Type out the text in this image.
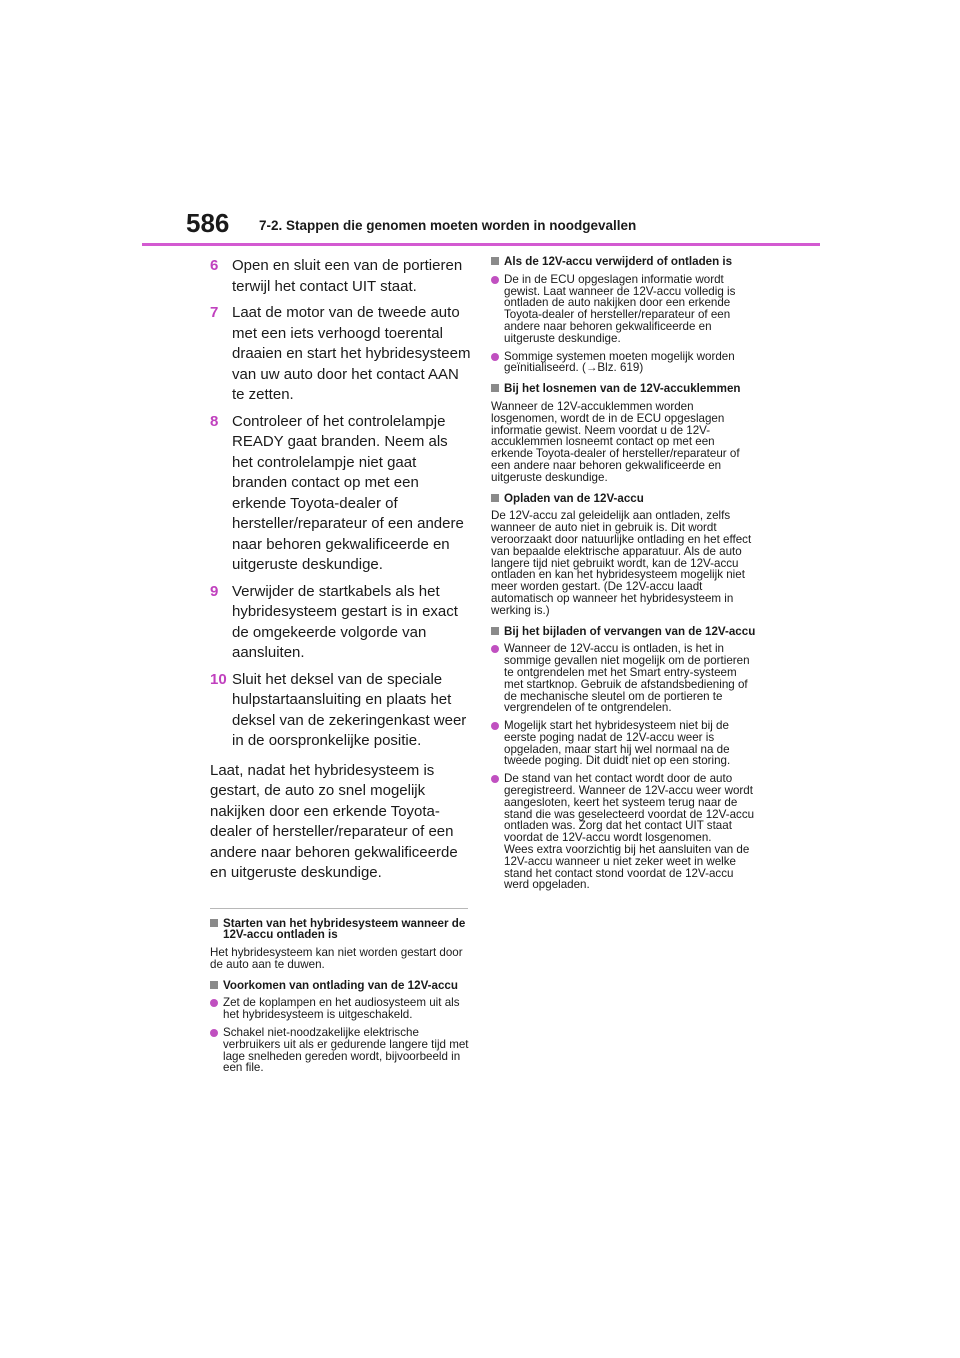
586 7-2. Stappen die genomen moeten worden in noodgevallen
6 Open en sluit een van de portieren terwijl het contact UIT staat.
7 Laat de motor van de tweede auto met een iets verhoogd toerental draaien en start het hybridesysteem van uw auto door het contact AAN te zetten.
8 Controleer of het controlelampje READY gaat branden. Neem als het controlelampje niet gaat branden contact op met een erkende Toyota-dealer of hersteller/reparateur of een andere naar behoren gekwalificeerde en uitgeruste deskundige.
9 Verwijder de startkabels als het hybridesysteem gestart is in exact de omgekeerde volgorde van aansluiten.
10 Sluit het deksel van de speciale hulpstartaansluiting en plaats het deksel van de zekeringenkast weer in de oorspronkelijke positie.
Laat, nadat het hybridesysteem is gestart, de auto zo snel mogelijk nakijken door een erkende Toyota-dealer of hersteller/reparateur of een andere naar behoren gekwalificeerde en uitgeruste deskundige.
Starten van het hybridesysteem wanneer de 12V-accu ontladen is
Het hybridesysteem kan niet worden gestart door de auto aan te duwen.
Voorkomen van ontlading van de 12V-accu
Zet de koplampen en het audiosysteem uit als het hybridesysteem is uitgeschakeld.
Schakel niet-noodzakelijke elektrische verbruikers uit als er gedurende langere tijd met lage snelheden gereden wordt, bijvoorbeeld in een file.
Als de 12V-accu verwijderd of ontladen is
De in de ECU opgeslagen informatie wordt gewist. Laat wanneer de 12V-accu volledig is ontladen de auto nakijken door een erkende Toyota-dealer of hersteller/reparateur of een andere naar behoren gekwalificeerde en uitgeruste deskundige.
Sommige systemen moeten mogelijk worden geïnitialiseerd. (→Blz. 619)
Bij het losnemen van de 12V-accuklemmen
Wanneer de 12V-accuklemmen worden losgenomen, wordt de in de ECU opgeslagen informatie gewist. Neem voordat u de 12V-accuklemmen losneemt contact op met een erkende Toyota-dealer of hersteller/reparateur of een andere naar behoren gekwalificeerde en uitgeruste deskundige.
Opladen van de 12V-accu
De 12V-accu zal geleidelijk aan ontladen, zelfs wanneer de auto niet in gebruik is. Dit wordt veroorzaakt door natuurlijke ontlading en het effect van bepaalde elektrische apparatuur. Als de auto langere tijd niet gebruikt wordt, kan de 12V-accu ontladen en kan het hybridesysteem mogelijk niet meer worden gestart. (De 12V-accu laadt automatisch op wanneer het hybridesysteem in werking is.)
Bij het bijladen of vervangen van de 12V-accu
Wanneer de 12V-accu is ontladen, is het in sommige gevallen niet mogelijk om de portieren te ontgrendelen met het Smart entry-systeem met startknop. Gebruik de afstandsbediening of de mechanische sleutel om de portieren te vergrendelen of te ontgrendelen.
Mogelijk start het hybridesysteem niet bij de eerste poging nadat de 12V-accu weer is opgeladen, maar start hij wel normaal na de tweede poging. Dit duidt niet op een storing.
De stand van het contact wordt door de auto geregistreerd. Wanneer de 12V-accu weer wordt aangesloten, keert het systeem terug naar de stand die was geselecteerd voordat de 12V-accu ontladen was. Zorg dat het contact UIT staat voordat de 12V-accu wordt losgenomen.
Wees extra voorzichtig bij het aansluiten van de 12V-accu wanneer u niet zeker weet in welke stand het contact stond voordat de 12V-accu werd opgeladen.
